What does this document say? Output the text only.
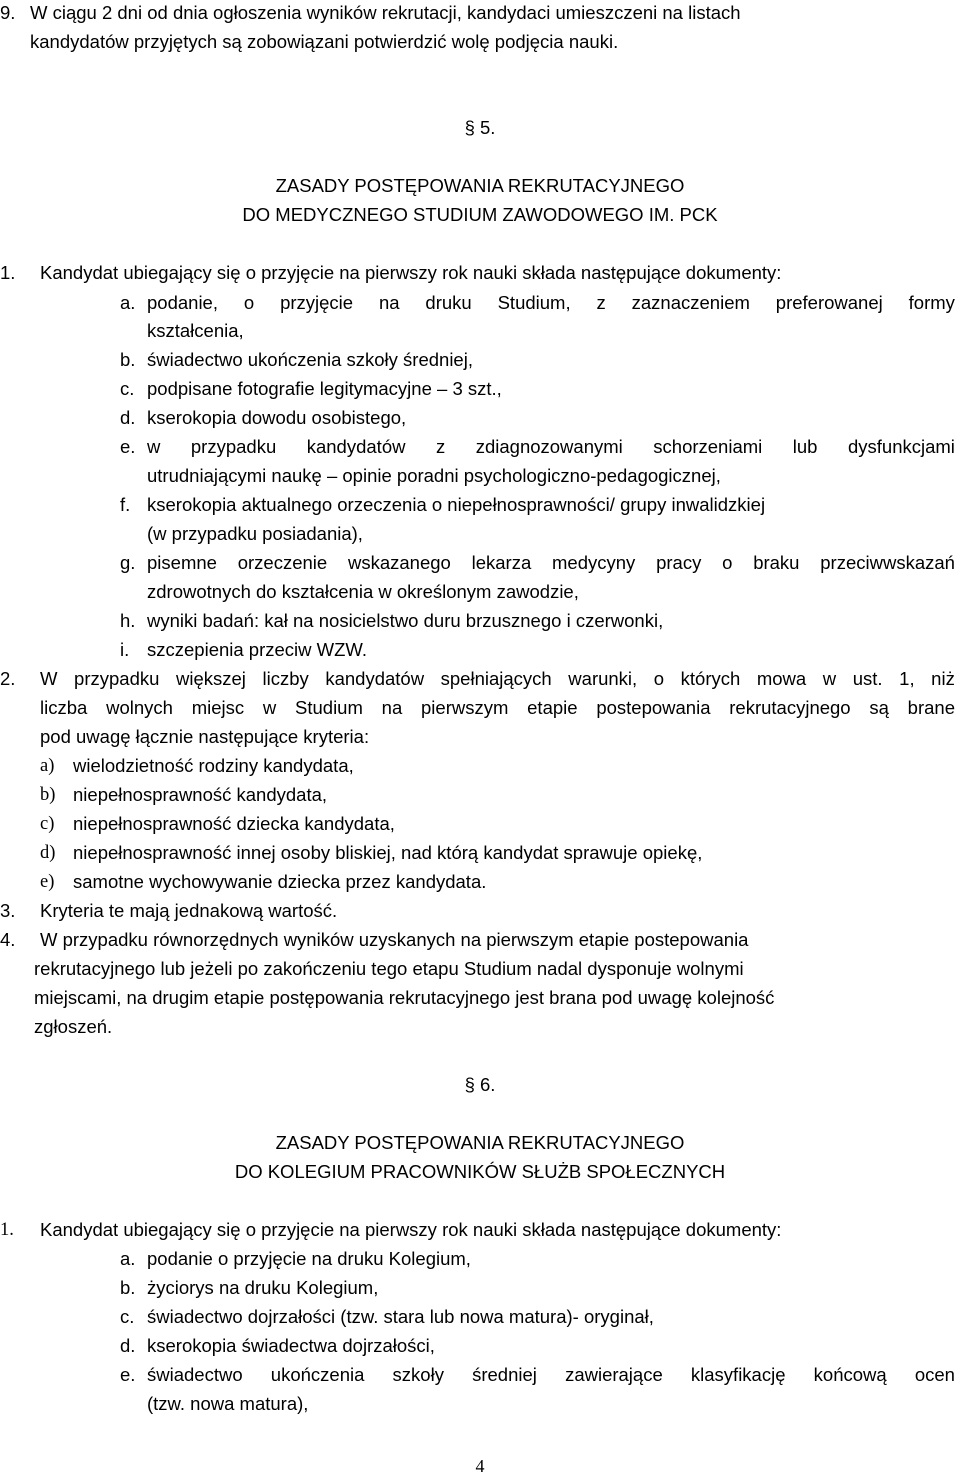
9. W ciągu 2 dni od dnia ogłoszenia wyników rekrutacji, kandydaci umieszczeni na listach
kandydatów przyjętych są zobowiązani potwierdzić wolę podjęcia nauki.
§ 5.
ZASADY POSTĘPOWANIA REKRUTACYJNEGO
DO MEDYCZNEGO STUDIUM ZAWODOWEGO IM. PCK
1. Kandydat ubiegający się o przyjęcie na pierwszy rok nauki składa następujące dokumenty:
a. podanie, o przyjęcie na druku Studium, z zaznaczeniem preferowanej formy
kształcenia,
b. świadectwo ukończenia szkoły średniej,
c. podpisane fotografie legitymacyjne – 3 szt.,
d. kserokopia dowodu osobistego,
e. w przypadku kandydatów z zdiagnozowanymi schorzeniami lub dysfunkcjami
utrudniającymi naukę – opinie poradni psychologiczno-pedagogicznej,
f. kserokopia aktualnego orzeczenia o niepełnosprawności/ grupy inwalidzkiej
(w przypadku posiadania),
g. pisemne orzeczenie wskazanego lekarza medycyny pracy o braku przeciwwskazań
zdrowotnych do kształcenia w określonym zawodzie,
h. wyniki badań: kał na nosicielstwo duru brzusznego i czerwonki,
i. szczepienia przeciw WZW.
2. W przypadku większej liczby kandydatów spełniających warunki, o których mowa w ust. 1, niż
liczba wolnych miejsc w Studium na pierwszym etapie postepowania rekrutacyjnego są brane
pod uwagę łącznie następujące kryteria:
a) wielodzietność rodziny kandydata,
b) niepełnosprawność kandydata,
c) niepełnosprawność dziecka kandydata,
d) niepełnosprawność innej osoby bliskiej, nad którą kandydat sprawuje opiekę,
e) samotne wychowywanie dziecka przez kandydata.
3. Kryteria te mają jednakową wartość.
4. W przypadku równorzędnych wyników uzyskanych na pierwszym etapie postepowania
rekrutacyjnego lub jeżeli po zakończeniu tego etapu Studium nadal dysponuje wolnymi
miejscami, na drugim etapie postępowania rekrutacyjnego jest brana pod uwagę kolejność
zgłoszeń.
§ 6.
ZASADY POSTĘPOWANIA REKRUTACYJNEGO
DO KOLEGIUM PRACOWNIKÓW SŁUŻB SPOŁECZNYCH
1. Kandydat ubiegający się o przyjęcie na pierwszy rok nauki składa następujące dokumenty:
a. podanie o przyjęcie na druku Kolegium,
b. życiorys na druku Kolegium,
c. świadectwo dojrzałości (tzw. stara lub nowa matura)- oryginał,
d. kserokopia świadectwa dojrzałości,
e. świadectwo ukończenia szkoły średniej zawierające klasyfikację końcową ocen
(tzw. nowa matura),
4
